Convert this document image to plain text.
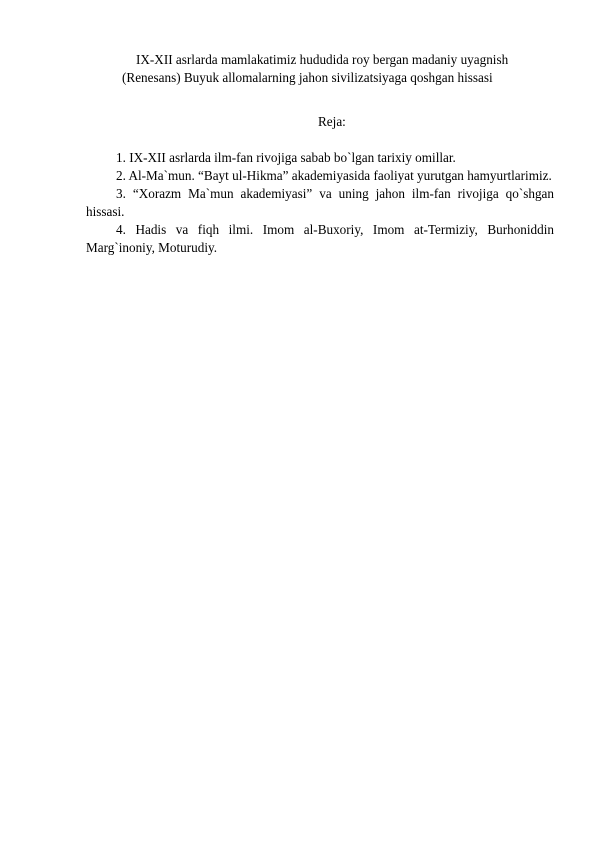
IX-XII asrlarda mamlakatimiz hududida roy bergan madaniy uyagnish
(Renesans) Buyuk allomalarning jahon sivilizatsiyaga qoshgan hissasi
Reja:

1. IX-XII asrlarda ilm-fan rivojiga sabab bo`lgan tarixiy omillar.

2. Al-Ma`mun. “Bayt ul-Hikma” akademiyasida faoliyat yurutgan hamyurtlarimiz.

3. “Xorazm Ma`mun akademiyasi” va uning jahon ilm-fan rivojiga qo`shgan hissasi.

4. Hadis va fiqh ilmi. Imom al-Buxoriy, Imom at-Termiziy, Burhoniddin Marg`inoniy, Moturudiy.
